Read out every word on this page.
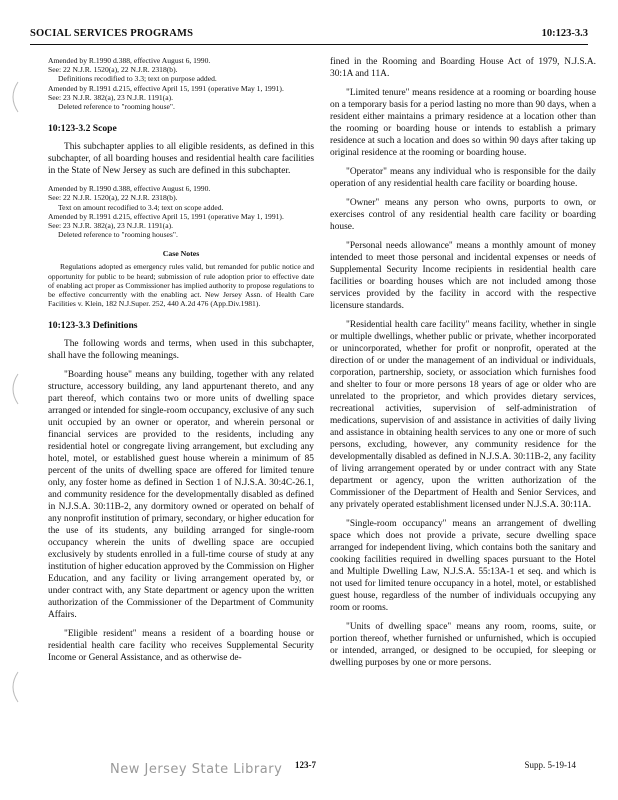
SOCIAL SERVICES PROGRAMS	10:123-3.3
Amended by R.1990 d.388, effective August 6, 1990.
See: 22 N.J.R. 1520(a), 22 N.J.R. 2318(b).
Definitions recodified to 3.3; text on purpose added.
Amended by R.1991 d.215, effective April 15, 1991 (operative May 1, 1991).
See: 23 N.J.R. 382(a), 23 N.J.R. 1191(a).
Deleted reference to "rooming house".
10:123-3.2 Scope

This subchapter applies to all eligible residents, as defined in this subchapter, of all boarding houses and residential health care facilities in the State of New Jersey as such are defined in this subchapter.

Amended by R.1990 d.388, effective August 6, 1990.
See: 22 N.J.R. 1520(a), 22 N.J.R. 2318(b).
Text on amount recodified to 3.4; text on scope added.
Amended by R.1991 d.215, effective April 15, 1991 (operative May 1, 1991).
See: 23 N.J.R. 382(a), 23 N.J.R. 1191(a).
Deleted reference to "rooming houses".
Case Notes
Regulations adopted as emergency rules valid, but remanded for public notice and opportunity for public to be heard; submission of rule adoption prior to effective date of enabling act proper as Commissioner has implied authority to propose regulations to be effective concurrently with the enabling act. New Jersey Assn. of Health Care Facilities v. Klein, 182 N.J.Super. 252, 440 A.2d 476 (App.Div.1981).
10:123-3.3 Definitions

The following words and terms, when used in this subchapter, shall have the following meanings.

"Boarding house" means any building, together with any related structure, accessory building, any land appurtenant thereto, and any part thereof, which contains two or more units of dwelling space arranged or intended for single-room occupancy, exclusive of any such unit occupied by an owner or operator, and wherein personal or financial services are provided to the residents, including any residential hotel or congregate living arrangement, but excluding any hotel, motel, or established guest house wherein a minimum of 85 percent of the units of dwelling space are offered for limited tenure only, any foster home as defined in Section 1 of N.J.S.A. 30:4C-26.1, and community residence for the developmentally disabled as defined in N.J.S.A. 30:11B-2, any dormitory owned or operated on behalf of any nonprofit institution of primary, secondary, or higher education for the use of its students, any building arranged for single-room occupancy wherein the units of dwelling space are occupied exclusively by students enrolled in a full-time course of study at any institution of higher education approved by the Commission on Higher Education, and any facility or living arrangement operated by, or under contract with, any State department or agency upon the written authorization of the Commissioner of the Department of Community Affairs.

"Eligible resident" means a resident of a boarding house or residential health care facility who receives Supplemental Security Income or General Assistance, and as otherwise de-

fined in the Rooming and Boarding House Act of 1979, N.J.S.A. 30:1A and 11A.

"Limited tenure" means residence at a rooming or boarding house on a temporary basis for a period lasting no more than 90 days, when a resident either maintains a primary residence at a location other than the rooming or boarding house or intends to establish a primary residence at such a location and does so within 90 days after taking up original residence at the rooming or boarding house.

"Operator" means any individual who is responsible for the daily operation of any residential health care facility or boarding house.

"Owner" means any person who owns, purports to own, or exercises control of any residential health care facility or boarding house.

"Personal needs allowance" means a monthly amount of money intended to meet those personal and incidental expenses or needs of Supplemental Security Income recipients in residential health care facilities or boarding houses which are not included among those services provided by the facility in accord with the respective licensure standards.

"Residential health care facility" means facility, whether in single or multiple dwellings, whether public or private, whether incorporated or unincorporated, whether for profit or nonprofit, operated at the direction of or under the management of an individual or individuals, corporation, partnership, society, or association which furnishes food and shelter to four or more persons 18 years of age or older who are unrelated to the proprietor, and which provides dietary services, recreational activities, supervision of self-administration of medications, supervision of and assistance in activities of daily living and assistance in obtaining health services to any one or more of such persons, excluding, however, any community residence for the developmentally disabled as defined in N.J.S.A. 30:11B-2, any facility of living arrangement operated by or under contract with any State department or agency, upon the written authorization of the Commissioner of the Department of Health and Senior Services, and any privately operated establishment licensed under N.J.S.A. 30:11A.

"Single-room occupancy" means an arrangement of dwelling space which does not provide a private, secure dwelling space arranged for independent living, which contains both the sanitary and cooking facilities required in dwelling spaces pursuant to the Hotel and Multiple Dwelling Law, N.J.S.A. 55:13A-1 et seq. and which is not used for limited tenure occupancy in a hotel, motel, or established guest house, regardless of the number of individuals occupying any room or rooms.

"Units of dwelling space" means any room, rooms, suite, or portion thereof, whether furnished or unfurnished, which is occupied or intended, arranged, or designed to be occupied, for sleeping or dwelling purposes by one or more persons.

New Jersey State Library 123-7	Supp. 5-19-14
